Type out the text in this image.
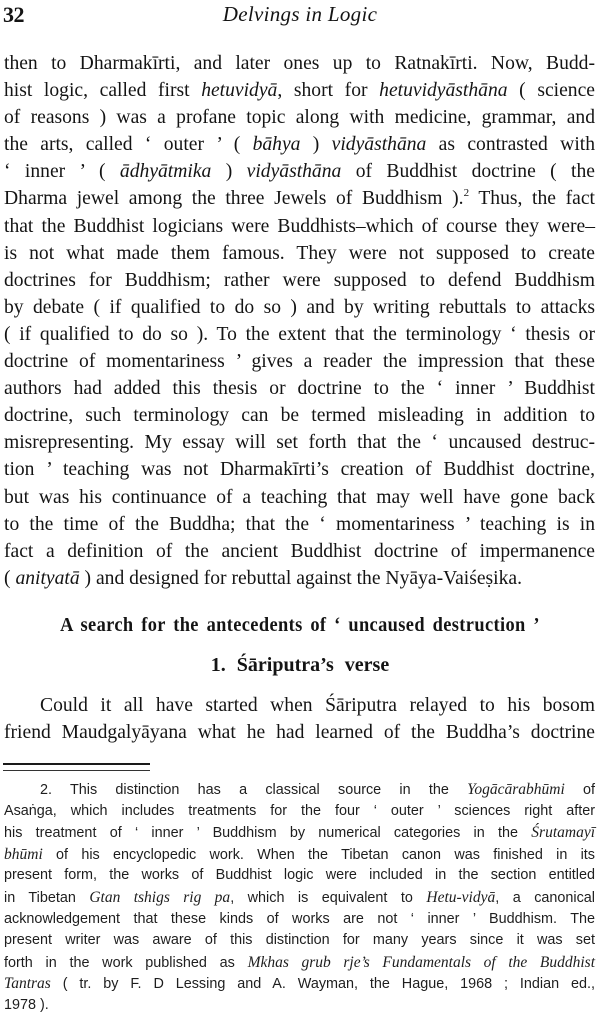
32	Delvings in Logic
then to Dharmakīrti, and later ones up to Ratnakīrti. Now, Budd-
hist logic, called first hetuvidyā, short for hetuvidyāsthāna ( science
of reasons ) was a profane topic along with medicine, grammar, and
the arts, called ‘ outer ’ ( bāhya ) vidyāsthāna as contrasted with
‘ inner ’ ( ādhyātmika ) vidyāsthāna of Buddhist doctrine ( the
Dharma jewel among the three Jewels of Buddhism ).$^2$ Thus, the fact
that the Buddhist logicians were Buddhists–which of course they were–
is not what made them famous. They were not supposed to create
doctrines for Buddhism; rather were supposed to defend Buddhism
by debate ( if qualified to do so ) and by writing rebuttals to attacks
( if qualified to do so ). To the extent that the terminology ‘ thesis or
doctrine of momentariness ’ gives a reader the impression that these
authors had added this thesis or doctrine to the ‘ inner ’ Buddhist
doctrine, such terminology can be termed misleading in addition to
misrepresenting. My essay will set forth that the ‘ uncaused destruc-
tion ’ teaching was not Dharmakīrti’s creation of Buddhist doctrine,
but was his continuance of a teaching that may well have gone back
to the time of the Buddha; that the ‘ momentariness ’ teaching is in
fact a definition of the ancient Buddhist doctrine of impermanence
( anityatā ) and designed for rebuttal against the Nyāya-Vaiśeṣika.
A search for the antecedents of ‘ uncaused destruction ’
1. Śāriputra’s verse
Could it all have started when Śāriputra relayed to his bosom
friend Maudgalyāyana what he had learned of the Buddha’s doctrine
2. This distinction has a classical source in the Yogācārabhūmi of
Asaṅga, which includes treatments for the four ‘ outer ’ sciences right after
his treatment of ‘ inner ’ Buddhism by numerical categories in the Śrutamayī
bhūmi of his encyclopedic work. When the Tibetan canon was finished in its
present form, the works of Buddhist logic were included in the section entitled
in Tibetan Gtan tshigs rig pa, which is equivalent to Hetu-vidyā, a canonical
acknowledgement that these kinds of works are not ‘ inner ’ Buddhism. The
present writer was aware of this distinction for many years since it was set
forth in the work published as Mkhas grub rje’s Fundamentals of the Buddhist
Tantras ( tr. by F. D Lessing and A. Wayman, the Hague, 1968 ; Indian ed.,
1978 ).
